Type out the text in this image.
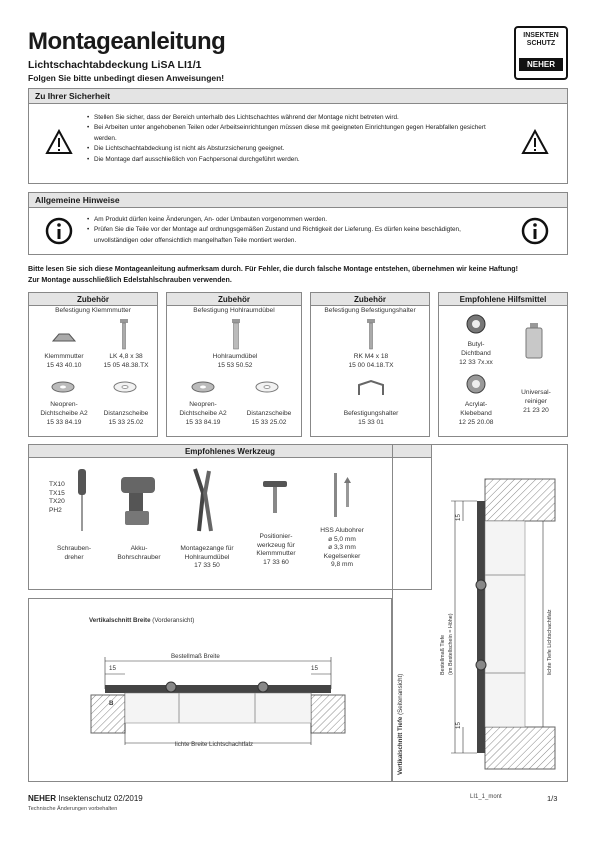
Montageanleitung
Lichtschachtabdeckung LiSA LI1/1
Folgen Sie bitte unbedingt diesen Anweisungen!
INSEKTEN SCHUTZ
NEHER
Zu Ihrer Sicherheit
• Stellen Sie sicher, dass der Bereich unterhalb des Lichtschachtes während der Montage nicht betreten wird.
• Bei Arbeiten unter angehobenen Teilen oder Arbeitseinrichtungen müssen diese mit geeigneten Einrichtungen gegen Herabfallen gesichert werden.
• Die Lichtschachtabdeckung ist nicht als Absturzsicherung geeignet.
• Die Montage darf ausschließlich von Fachpersonal durchgeführt werden.
Allgemeine Hinweise
• Am Produkt dürfen keine Änderungen, An- oder Umbauten vorgenommen werden.
• Prüfen Sie die Teile vor der Montage auf ordnungsgemäßen Zustand und Richtigkeit der Lieferung. Es dürfen keine beschädigten, unvollständigen oder offensichtlich mangelhaften Teile montiert werden.
Bitte lesen Sie sich diese Montageanleitung aufmerksam durch. Für Fehler, die durch falsche Montage entstehen, übernehmen wir keine Haftung!
Zur Montage ausschließlich Edelstahlschrauben verwenden.
Zubehör
Befestigung Klemmmutter
Klemmmutter
15 43 40.10
LK 4,8 x 38
15 05 48.38.TX
Neopren-
Dichtscheibe A2
15 33 84.19
Distanzscheibe
15 33 25.02
Zubehör
Befestigung Hohlraumdübel
Hohlraumdübel
15 53 50.52
Neopren-
Dichtscheibe A2
15 33 84.19
Distanzscheibe
15 33 25.02
Zubehör
Befestigung Befestigungshalter
RK M4 x 18
15 00 04.18.TX
Befestigungshalter
15 33 01
Empfohlene Hilfsmittel
Butyl-
Dichtband
12 33 7x.xx
Universal-
reiniger
21 23 20
Acrylat-
Klebeband
12 25 20.08
Empfohlenes Werkzeug
TX10
TX15
TX20
PH2
Schrauben-
dreher
Akku-
Bohrschrauber
Montagezange für
Hohlraumdübel
17 33 50
Positionier-
werkzeug für
Klemmmutter
17 33 60
HSS Alubohrer
ø 5,0 mm
ø 3,3 mm
Kegelsenker
9,8 mm
Vertikalschnitt Breite (Vorderansicht)
Bestellmaß Breite
15	15
lichte Breite Lichtschachtfalz	Vertikalschnitt Tiefe (Seitenansicht)
Bestellmaß Tiefe
(im Bestellschein = Höhe)	lichte Tiefe Lichtschachtfalz
15
15
NEHER Insektenschutz 02/2019
Technische Änderungen vorbehalten
LI1_1_mont	1/3
